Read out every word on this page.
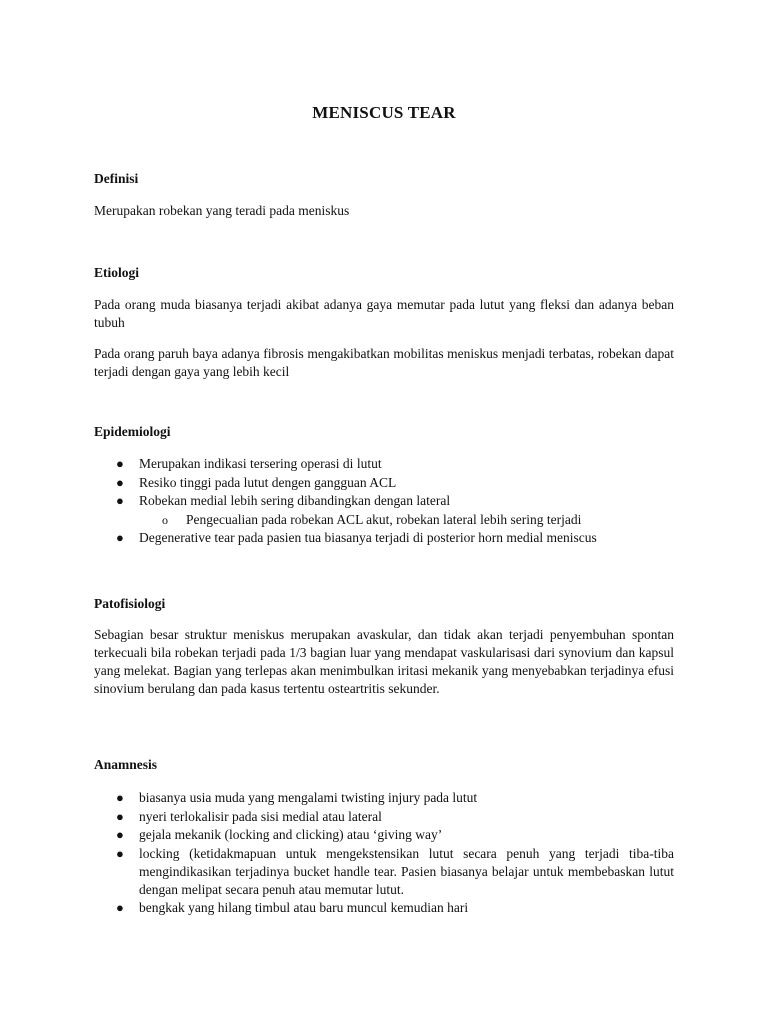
MENISCUS TEAR
Definisi

Merupakan robekan yang teradi pada meniskus

Etiologi

Pada orang muda biasanya terjadi akibat adanya gaya memutar pada lutut yang fleksi dan adanya beban tubuh

Pada orang paruh baya adanya fibrosis mengakibatkan mobilitas meniskus menjadi terbatas, robekan dapat terjadi dengan gaya yang lebih kecil

Epidemiologi
● Merupakan indikasi tersering operasi di lutut
● Resiko tinggi pada lutut dengen gangguan ACL
● Robekan medial lebih sering dibandingkan dengan lateral
o Pengecualian pada robekan ACL akut, robekan lateral lebih sering terjadi
● Degenerative tear pada pasien tua biasanya terjadi di posterior horn medial meniscus
Patofisiologi

Sebagian besar struktur meniskus merupakan avaskular, dan tidak akan terjadi penyembuhan spontan terkecuali bila robekan terjadi pada 1/3 bagian luar yang mendapat vaskularisasi dari synovium dan kapsul yang melekat. Bagian yang terlepas akan menimbulkan iritasi mekanik yang menyebabkan terjadinya efusi sinovium berulang dan pada kasus tertentu osteartritis sekunder.

Anamnesis
● biasanya usia muda yang mengalami twisting injury pada lutut
● nyeri terlokalisir pada sisi medial atau lateral
● gejala mekanik (locking and clicking) atau ‘giving way’
● locking (ketidakmapuan untuk mengekstensikan lutut secara penuh yang terjadi tiba-tiba mengindikasikan terjadinya bucket handle tear. Pasien biasanya belajar untuk membebaskan lutut dengan melipat secara penuh atau memutar lutut.
● bengkak yang hilang timbul atau baru muncul kemudian hari
